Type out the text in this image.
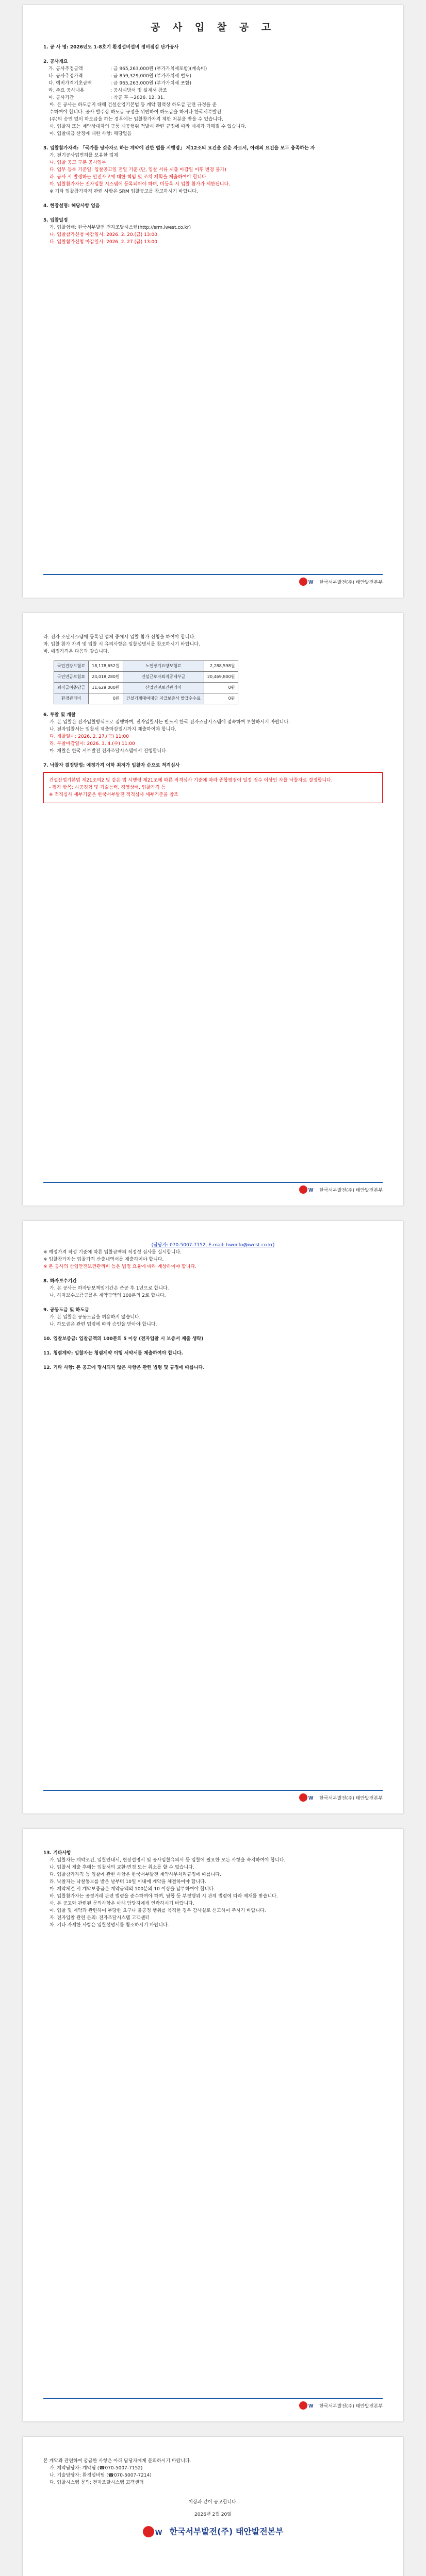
공 사 입 찰 공 고
1. 공 사 명: 2026년도 1-8호기 환경설비설비 정비점검 단가공사
2. 공사개요
가. 공사추정금액	: 금 965,263,000원 (부가가치세포함)(계속비)
나. 공사추정가격	: 금 859,329,000원 (부가가치세 별도)
다. 예비가격기초금액	: 금 965,263,000원 (부가가치세 포함)
라. 주요 공사내용	: 공사시방서 및 설계서 참조
마. 공사기간	: 착공 후 ~2026. 12. 31.
바. 본 공사는 하도급지 대해 건설산업기본법 등 계약 협력상 하도급 관련 규정을 준
수하여야 합니다. 공사 발주상 하도급 규정을 위반하여 하도급을 하거나 한국서부발전
(주)의 승인 없이 하도급을 하는 경우에는 입찰참가자격 제한 처분을 받을 수 있습니다.
사. 입찰자 또는 계약상대자의 금품 제공행위 적발시 관련 규정에 따라 제재가 가해질 수 있습니다.
아. 입찰대금 산정에 대한 사항: 해당없음
3. 입찰참가자격: 「국가를 당사자로 하는 계약에 관한 법률 시행령」 제12조의 요건을 갖춘 자로서, 아래의 요건을 모두 충족하는 자
가. 전기공사업면허를 보유한 업체
나. 입찰 공고 구분 공사업무
다. 업무 등록 기준일: 입찰공고일 전일 기준 (단, 입찰 서류 제출 마감일 이후 변경 불가)
라. 공사 시 발생하는 안전사고에 대한 책임 및 조치 계획을 제출하여야 합니다.
마. 입찰참가자는 전자입찰 시스템에 등록되어야 하며, 미등록 시 입찰 참가가 제한됩니다.
※ 기타 입찰참가자격 관련 사항은 SRM 입찰공고를 참고하시기 바랍니다.
4. 현장설명: 해당사항 없음
5. 입찰일정
가. 입찰형태: 한국서부발전 전자조달시스템(http://srm.iwest.co.kr)
나. 입찰참가신청 마감일시: 2026. 2. 20.(금) 13:00
다. 입찰참가신청 마감일시: 2026. 2. 27.(금) 13:00
W 한국서부발전(주) 태안발전본부
라. 전자 조달시스템에 등록된 업체 중에서 입찰 참가 신청을 하여야 합니다.
마. 입찰 참가 자격 및 입찰 시 유의사항은 입찰설명서를 참조하시기 바랍니다.
바. 예정가격은 다음과 같습니다.
국민건강보험료	18,178,652원	노인장기요양보험료	2,288,598원
국민연금보험료	24,018,280원	건설근로자퇴직공제부금	20,469,800원
퇴직급여충당금	11,629,000원	산업안전보건관리비	0원
환경관리비	0원	건설기계대여대금 지급보증서 발급수수료	0원
6. 투찰 및 개찰
가. 본 입찰은 전자입찰방식으로 집행하며, 전자입찰서는 반드시 한국 전자조달시스템에 접속하여 투찰하시기 바랍니다.
나. 전자입찰서는 입찰서 제출마감일시까지 제출하여야 합니다.
다. 개찰일시: 2026. 2. 27.(금) 11:00
라. 투찰마감일시: 2026. 3. 4.(수) 11:00
마. 개찰은 한국 서부발전 전자조달시스템에서 진행합니다.
7. 낙찰자 결정방법: 예정가격 이하 최저가 입찰자 순으로 적격심사
건설산업기본법 제21조의2 및 같은 법 시행령 제21조에 따른 적격심사 기준에 따라 종합평점이 일정 점수 이상인 자를 낙찰자로 결정합니다.
- 평가 항목: 시공경험 및 기술능력, 경영상태, 입찰가격 등
※ 적격심사 세부기준은 한국서부발전 적격심사 세부기준을 참조
W 한국서부발전(주) 태안발전본부
(담당자: 070-5007-7152, E-mail: hwonfo@iwest.co.kr)
※ 예정가격 작성 기준에 따른 입찰금액의 적정성 심사를 실시합니다.
※ 입찰참가자는 입찰가격 산출내역서를 제출하여야 합니다.
※ 본 공사의 산업안전보건관리비 등은 법정 요율에 따라 계상하여야 합니다.
8. 하자보수기간
가. 본 공사는 하자담보책임기간은 준공 후 1년으로 합니다.
나. 하자보수보증금률은 계약금액의 100분의 2로 합니다.
9. 공동도급 및 하도급
가. 본 입찰은 공동도급을 허용하지 않습니다.
나. 하도급은 관련 법령에 따라 승인을 받아야 합니다.
10. 입찰보증금: 입찰금액의 100분의 5 이상 (전자입찰 시 보증서 제출 생략)
11. 청렴계약: 입찰자는 청렴계약 이행 서약서를 제출하여야 합니다.
12. 기타 사항: 본 공고에 명시되지 않은 사항은 관련 법령 및 규정에 따릅니다.
W 한국서부발전(주) 태안발전본부
13. 기타사항
가. 입찰자는 계약조건, 입찰안내서, 현장설명서 및 공사입찰유의서 등 입찰에 필요한 모든 사항을 숙지하여야 합니다.
나. 입찰서 제출 후에는 입찰서의 교환·변경 또는 취소를 할 수 없습니다.
다. 입찰참가자격 등 입찰에 관한 사항은 한국서부발전 계약사무처리규정에 따릅니다.
라. 낙찰자는 낙찰통보를 받은 날부터 10일 이내에 계약을 체결하여야 합니다.
마. 계약체결 시 계약보증금은 계약금액의 100분의 10 이상을 납부하여야 합니다.
바. 입찰참가자는 공정거래 관련 법령을 준수하여야 하며, 담합 등 부정행위 시 관계 법령에 따라 제재를 받습니다.
사. 본 공고와 관련된 문의사항은 아래 담당자에게 연락하시기 바랍니다.
아. 입찰 및 계약과 관련하여 부당한 요구나 불공정 행위를 목격한 경우 감사실로 신고하여 주시기 바랍니다.
자. 전자입찰 관련 문의: 전자조달시스템 고객센터
차. 기타 자세한 사항은 입찰설명서를 참조하시기 바랍니다.
W 한국서부발전(주) 태안발전본부
본 계약과 관련하여 궁금한 사항은 아래 담당자에게 문의하시기 바랍니다.
가. 계약담당자: 계약팀 (☎070-5007-7152)
나. 기술담당자: 환경설비팀 (☎070-5007-7214)
다. 입찰시스템 문의: 전자조달시스템 고객센터
이상과 같이 공고합니다.
2026년 2월 20일
W 한국서부발전(주) 태안발전본부
